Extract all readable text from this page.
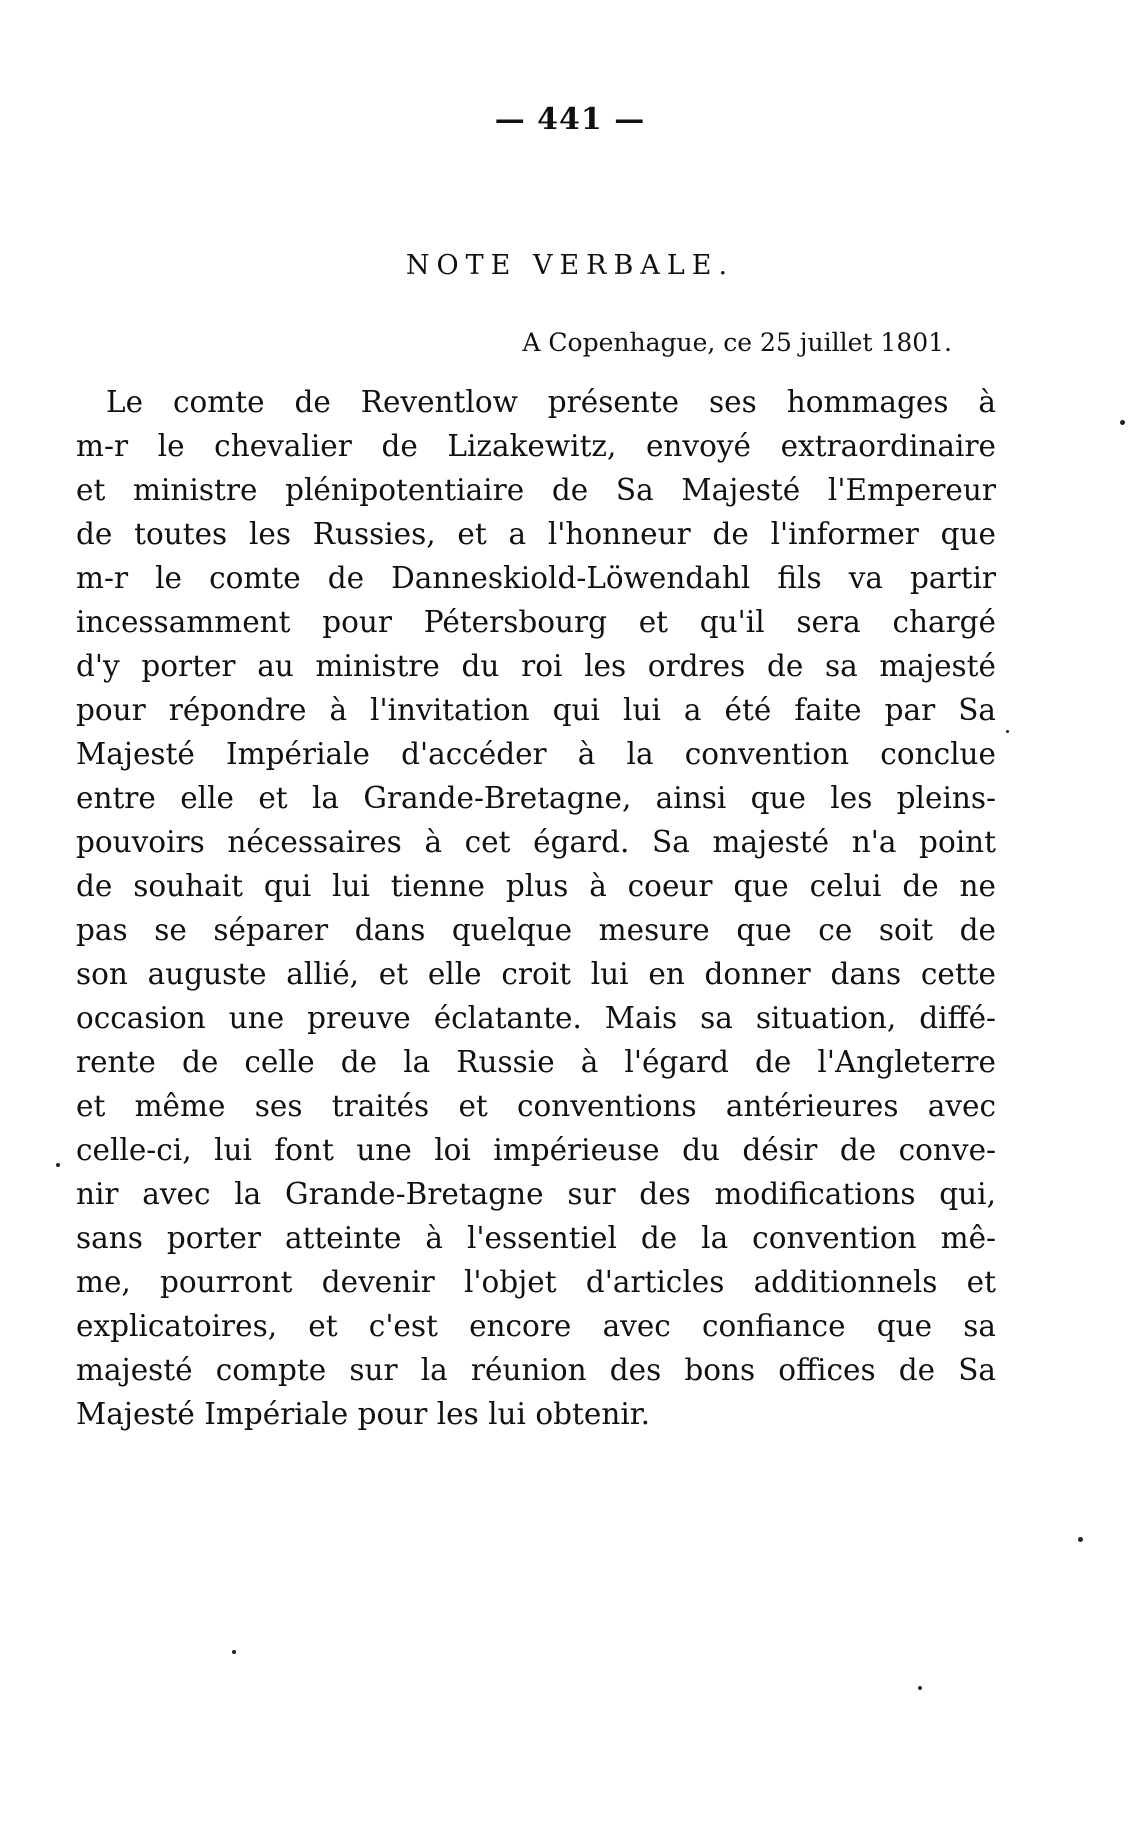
— 441 —
NOTE VERBALE.
A Copenhague, ce 25 juillet 1801.
Le comte de Reventlow présente ses hommages à
m-r le chevalier de Lizakewitz, envoyé extraordinaire
et ministre plénipotentiaire de Sa Majesté l'Empereur
de toutes les Russies, et a l'honneur de l'informer que
m-r le comte de Danneskiold-Löwendahl fils va partir
incessamment pour Pétersbourg et qu'il sera chargé
d'y porter au ministre du roi les ordres de sa majesté
pour répondre à l'invitation qui lui a été faite par Sa
Majesté Impériale d'accéder à la convention conclue
entre elle et la Grande-Bretagne, ainsi que les pleins-
pouvoirs nécessaires à cet égard. Sa majesté n'a point
de souhait qui lui tienne plus à coeur que celui de ne
pas se séparer dans quelque mesure que ce soit de
son auguste allié, et elle croit lui en donner dans cette
occasion une preuve éclatante. Mais sa situation, diffé-
rente de celle de la Russie à l'égard de l'Angleterre
et même ses traités et conventions antérieures avec
celle-ci, lui font une loi impérieuse du désir de conve-
nir avec la Grande-Bretagne sur des modifications qui,
sans porter atteinte à l'essentiel de la convention mê-
me, pourront devenir l'objet d'articles additionnels et
explicatoires, et c'est encore avec confiance que sa
majesté compte sur la réunion des bons offices de Sa
Majesté Impériale pour les lui obtenir.
